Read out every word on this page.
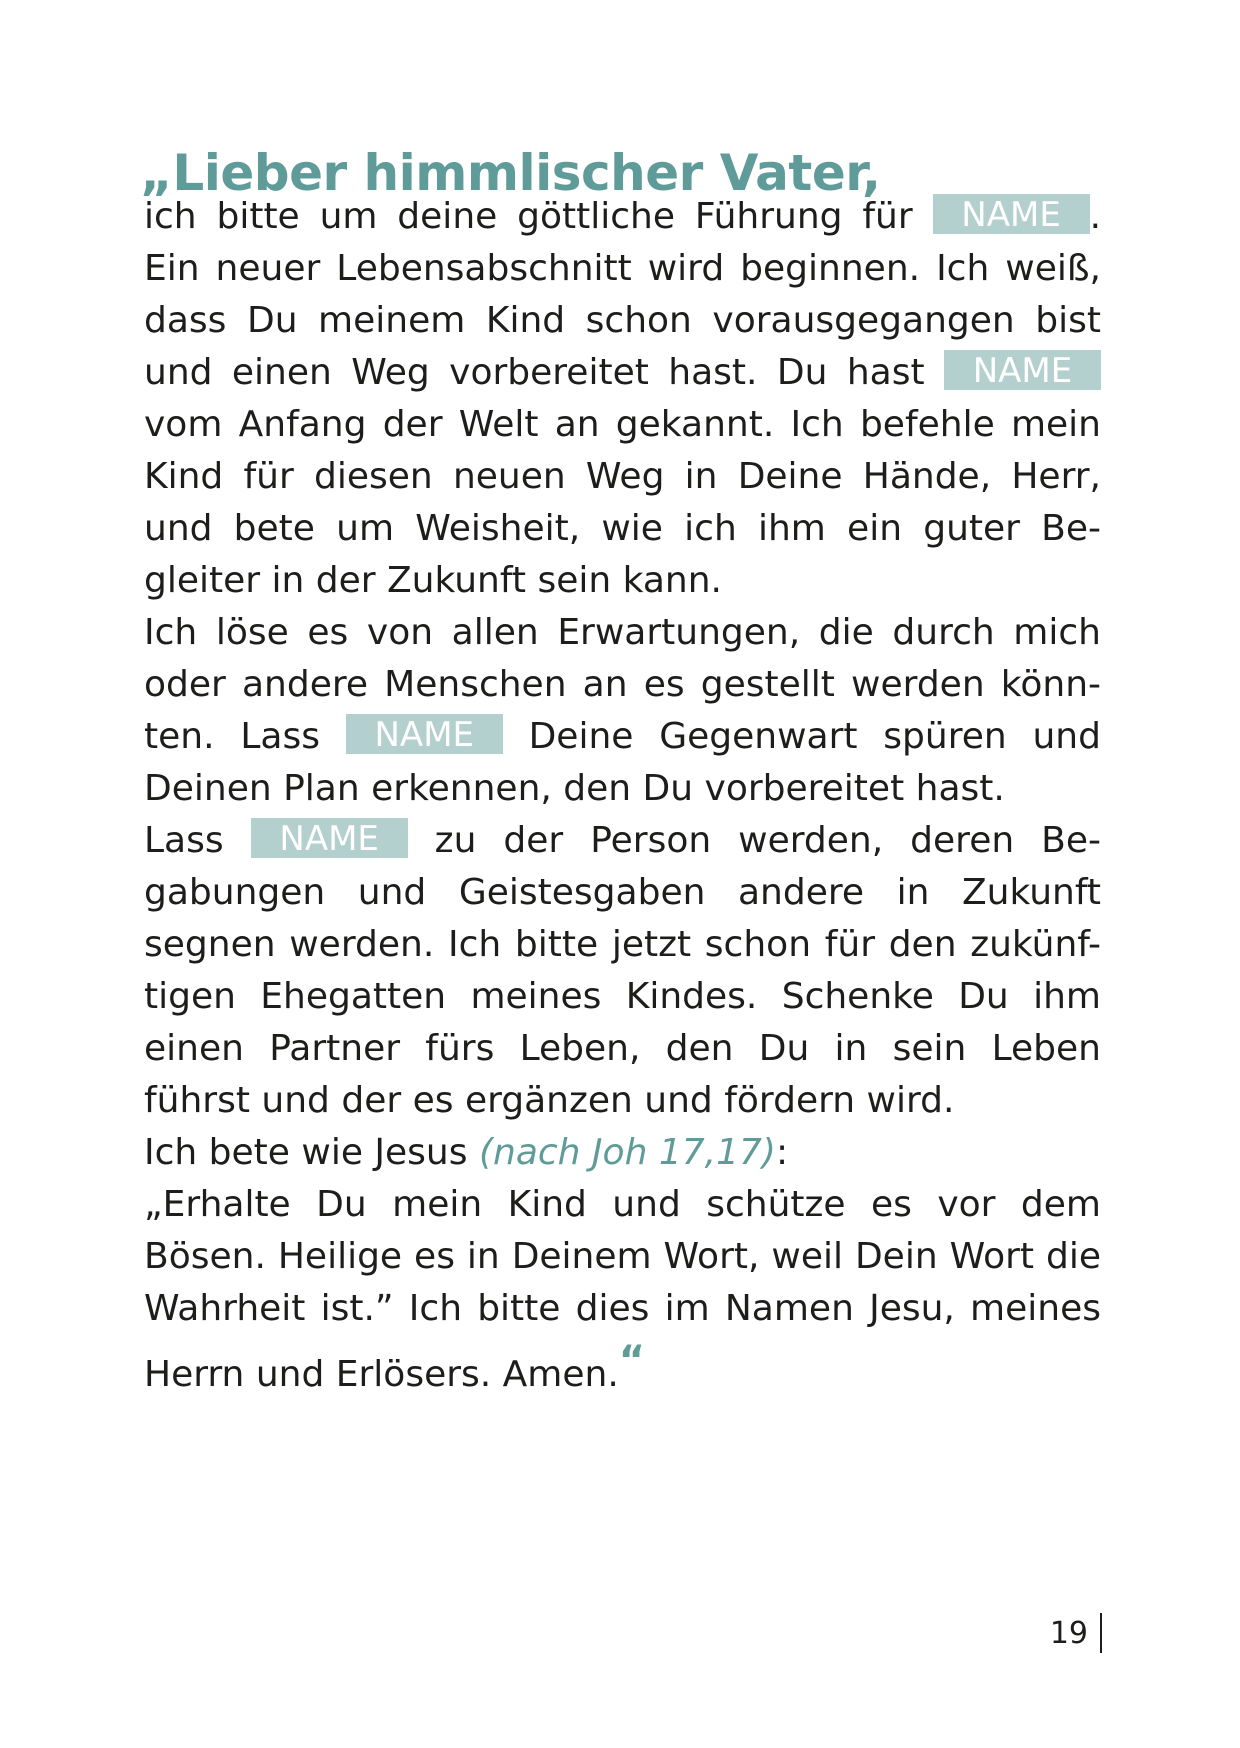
„Lieber himmlischer Vater,
ich bitte um deine göttliche Führung für NAME .
Ein neuer Lebensabschnitt wird beginnen. Ich weiß,
dass Du meinem Kind schon vorausgegangen bist
und einen Weg vorbereitet hast. Du hast NAME
vom Anfang der Welt an gekannt. Ich befehle mein
Kind für diesen neuen Weg in Deine Hände, Herr,
und bete um Weisheit, wie ich ihm ein guter Be-
gleiter in der Zukunft sein kann.
Ich löse es von allen Erwartungen, die durch mich
oder andere Menschen an es gestellt werden könn-
ten. Lass NAME Deine Gegenwart spüren und
Deinen Plan erkennen, den Du vorbereitet hast.
Lass NAME zu der Person werden, deren Be-
gabungen und Geistesgaben andere in Zukunft
segnen werden. Ich bitte jetzt schon für den zukünf-
tigen Ehegatten meines Kindes. Schenke Du ihm
einen Partner fürs Leben, den Du in sein Leben
führst und der es ergänzen und fördern wird.
Ich bete wie Jesus (nach Joh 17,17):
„Erhalte Du mein Kind und schütze es vor dem
Bösen. Heilige es in Deinem Wort, weil Dein Wort die
Wahrheit ist.” Ich bitte dies im Namen Jesu, meines
Herrn und Erlösers. Amen.“
19
